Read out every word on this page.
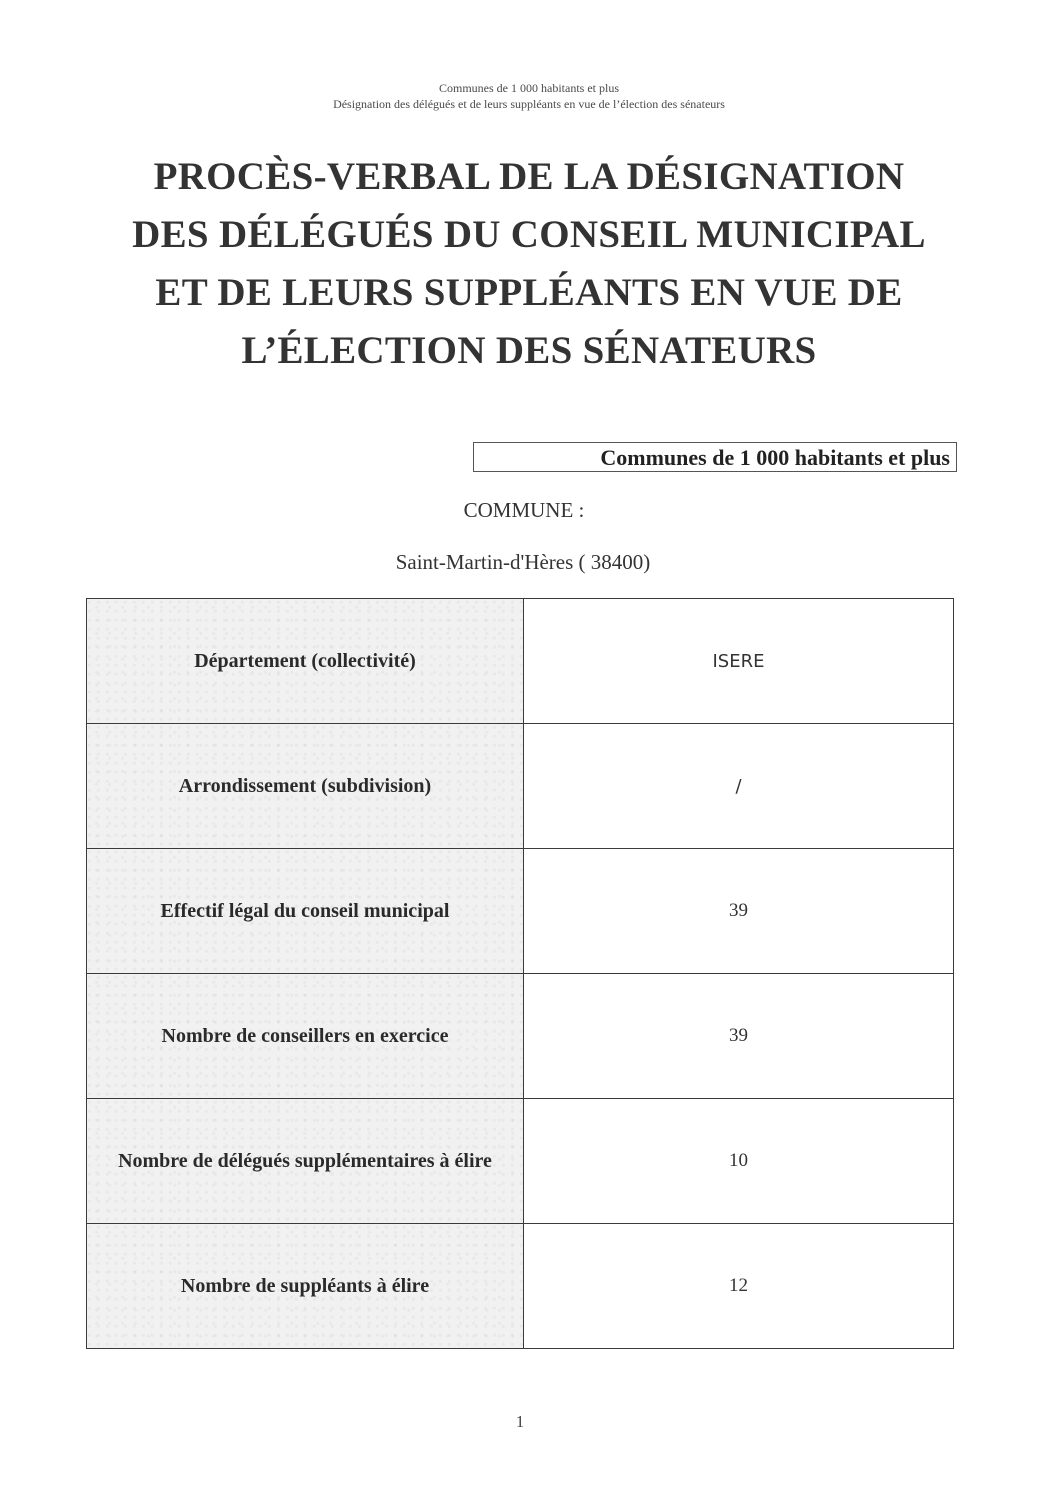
Communes de 1 000 habitants et plus
Désignation des délégués et de leurs suppléants en vue de l’élection des sénateurs
PROCÈS-VERBAL DE LA DÉSIGNATION
DES DÉLÉGUÉS DU CONSEIL MUNICIPAL
ET DE LEURS SUPPLÉANTS EN VUE DE
L’ÉLECTION DES SÉNATEURS
Communes de 1 000 habitants et plus
COMMUNE :
Saint-Martin-d'Hères ( 38400)
Département (collectivité)	ISERE
Arrondissement (subdivision)	/
Effectif légal du conseil municipal	39
Nombre de conseillers en exercice	39
Nombre de délégués supplémentaires à élire	10
Nombre de suppléants à élire	12
1
